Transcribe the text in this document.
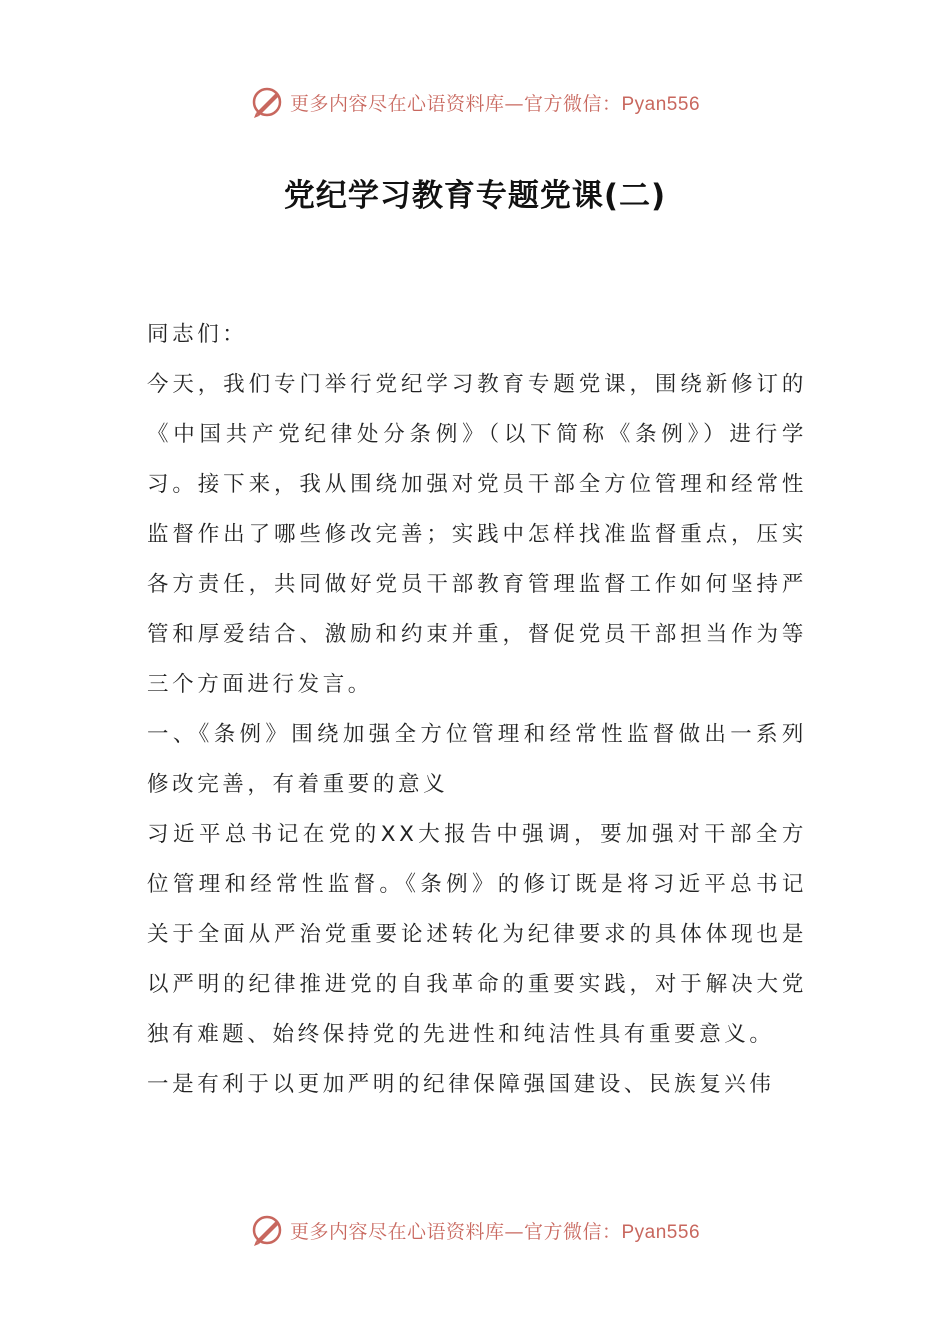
更多内容尽在心语资料库—官方微信：Pyan556
党纪学习教育专题党课(二)

同志们：

今天，我们专门举行党纪学习教育专题党课，围绕新修订的《中国共产党纪律处分条例》（以下简称《条例》）进行学习。接下来，我从围绕加强对党员干部全方位管理和经常性监督作出了哪些修改完善；实践中怎样找准监督重点，压实各方责任，共同做好党员干部教育管理监督工作如何坚持严管和厚爱结合、激励和约束并重，督促党员干部担当作为等三个方面进行发言。

一、《条例》围绕加强全方位管理和经常性监督做出一系列修改完善，有着重要的意义

习近平总书记在党的XX大报告中强调，要加强对干部全方位管理和经常性监督。《条例》的修订既是将习近平总书记关于全面从严治党重要论述转化为纪律要求的具体体现也是以严明的纪律推进党的自我革命的重要实践，对于解决大党独有难题、始终保持党的先进性和纯洁性具有重要意义。

一是有利于以更加严明的纪律保障强国建设、民族复兴伟

更多内容尽在心语资料库—官方微信：Pyan556
